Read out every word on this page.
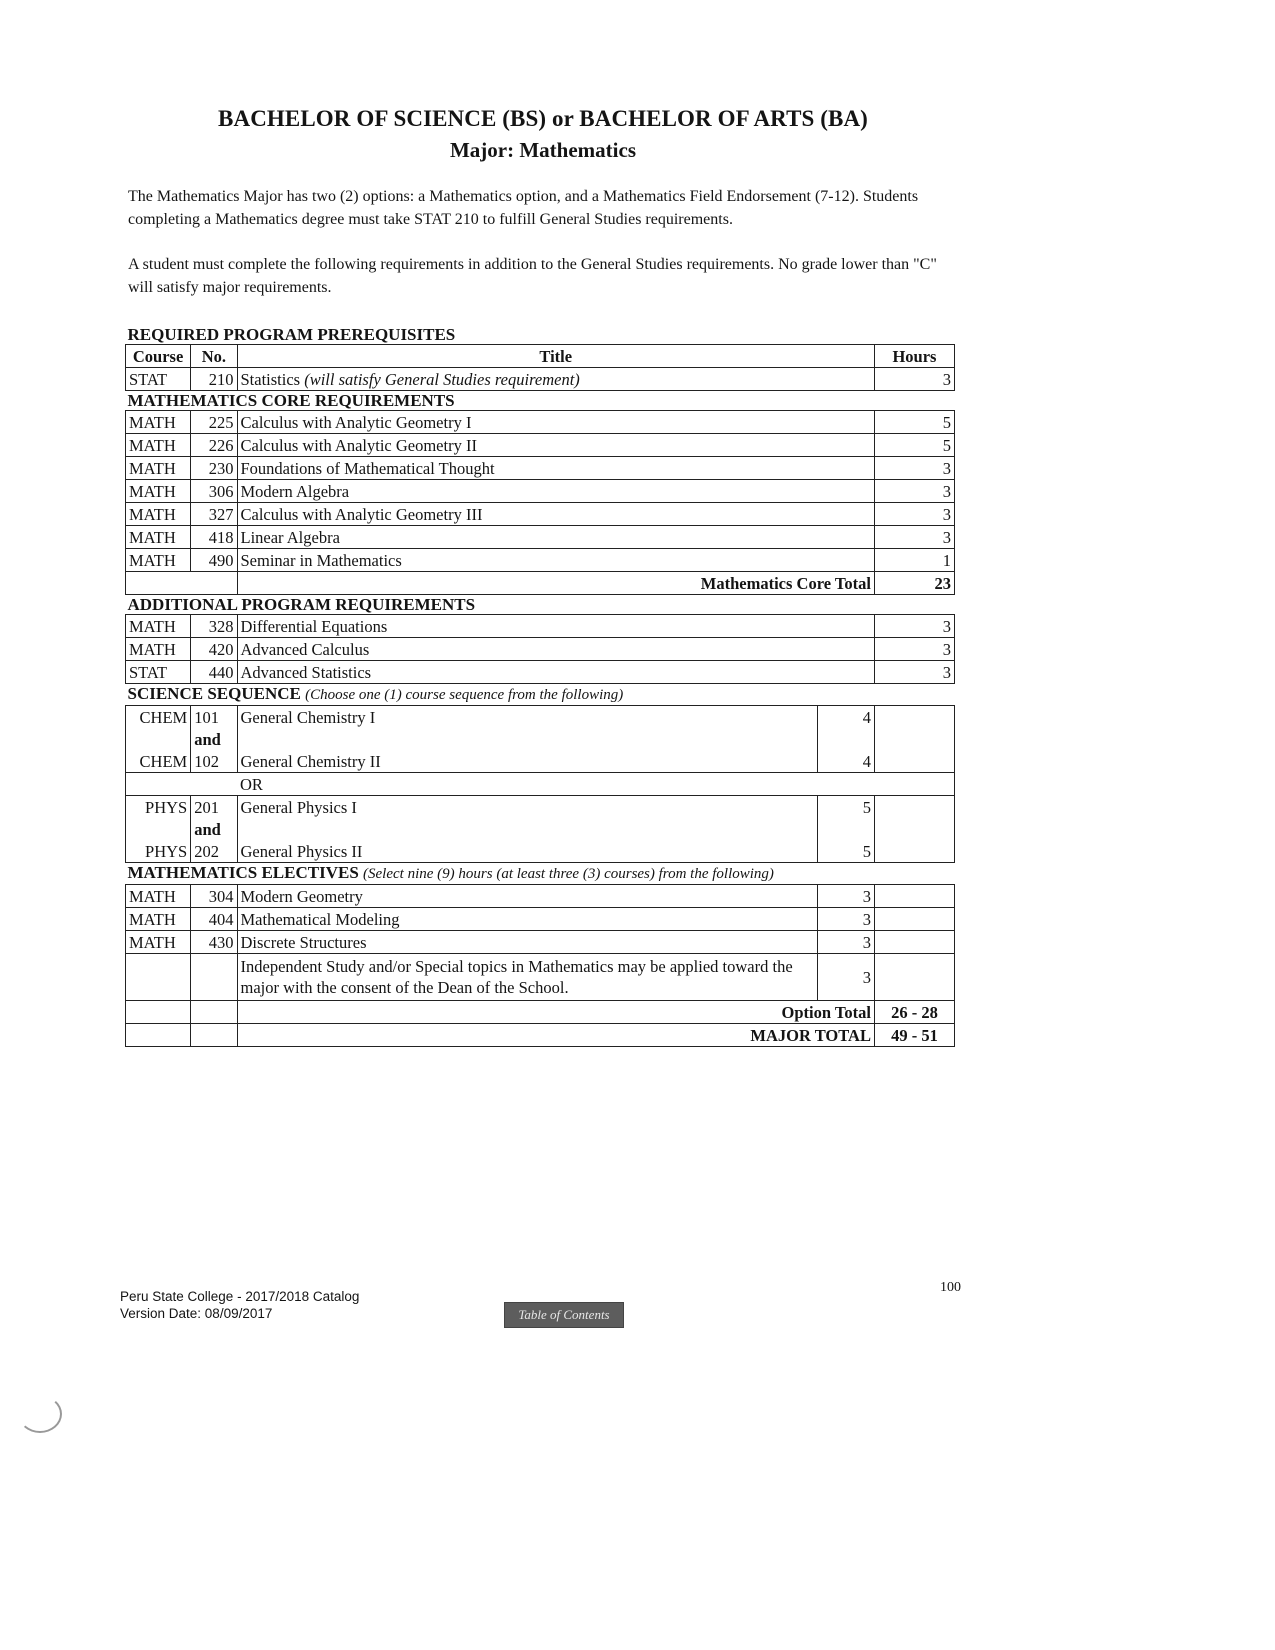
BACHELOR OF SCIENCE (BS) or BACHELOR OF ARTS (BA)
Major: Mathematics
The Mathematics Major has two (2) options: a Mathematics option, and a Mathematics Field Endorsement (7-12). Students completing a Mathematics degree must take STAT 210 to fulfill General Studies requirements.
A student must complete the following requirements in addition to the General Studies requirements. No grade lower than "C" will satisfy major requirements.
REQUIRED PROGRAM PREREQUISITES				
Course	No.	Title		Hours
STAT	210	Statistics (will satisfy General Studies requirement)		3
MATHEMATICS CORE REQUIREMENTS				
MATH	225	Calculus with Analytic Geometry I		5
MATH	226	Calculus with Analytic Geometry II		5
MATH	230	Foundations of Mathematical Thought		3
MATH	306	Modern Algebra		3
MATH	327	Calculus with Analytic Geometry III		3
MATH	418	Linear Algebra		3
MATH	490	Seminar in Mathematics		1
		Mathematics Core Total		23
ADDITIONAL PROGRAM REQUIREMENTS				
MATH	328	Differential Equations		3
MATH	420	Advanced Calculus		3
STAT	440	Advanced Statistics		3
SCIENCE SEQUENCE (Choose one (1) course sequence from the following)				
CHEM	101	General Chemistry I	4	
	and			
CHEM	102	General Chemistry II	4	
		OR		
PHYS	201	General Physics I	5	
	and			
PHYS	202	General Physics II	5	
MATHEMATICS ELECTIVES (Select nine (9) hours (at least three (3) courses) from the following)				
MATH	304	Modern Geometry	3	
MATH	404	Mathematical Modeling	3	
MATH	430	Discrete Structures	3	
		Independent Study and/or Special topics in Mathematics may be applied toward the major with the consent of the Dean of the School.	3	
		Option Total		26 - 28
		MAJOR TOTAL		49 - 51
Peru State College - 2017/2018 Catalog
Version Date: 08/09/2017
100
Table of Contents
